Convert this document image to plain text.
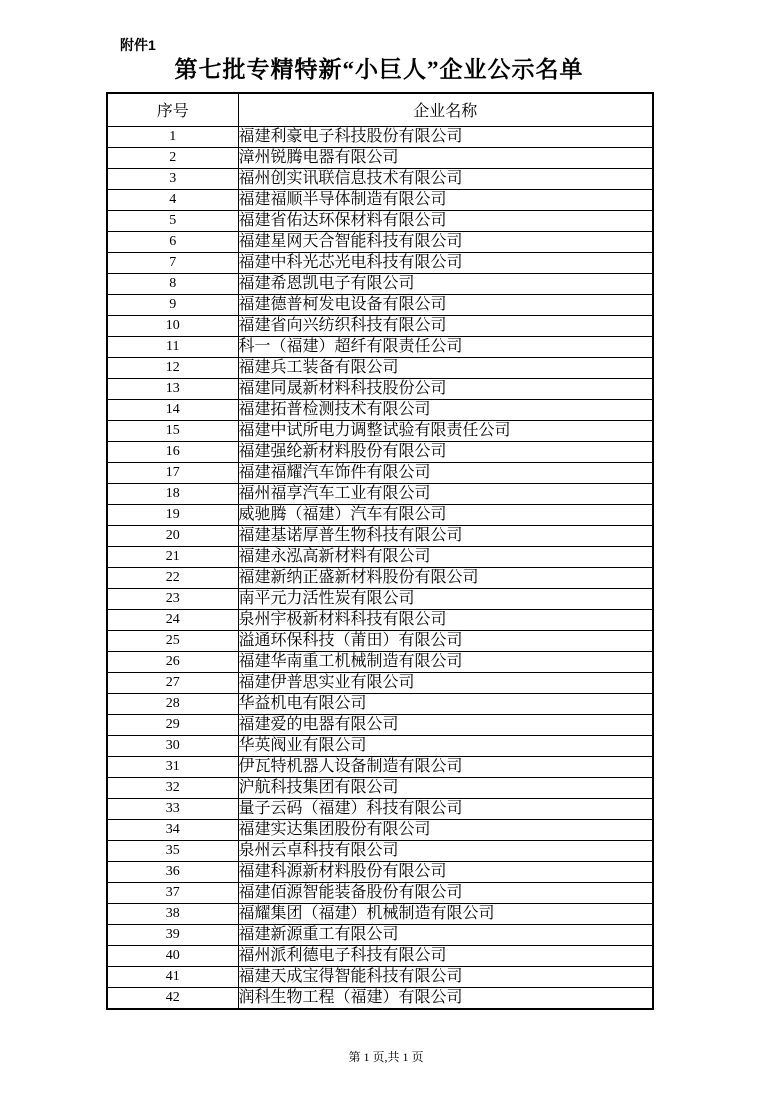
附件1
第七批专精特新“小巨人”企业公示名单
序号	企业名称
1	福建利豪电子科技股份有限公司
2	漳州锐腾电器有限公司
3	福州创实讯联信息技术有限公司
4	福建福顺半导体制造有限公司
5	福建省佑达环保材料有限公司
6	福建星网天合智能科技有限公司
7	福建中科光芯光电科技有限公司
8	福建希恩凯电子有限公司
9	福建德普柯发电设备有限公司
10	福建省向兴纺织科技有限公司
11	科一（福建）超纤有限责任公司
12	福建兵工装备有限公司
13	福建同晟新材料科技股份公司
14	福建拓普检测技术有限公司
15	福建中试所电力调整试验有限责任公司
16	福建强纶新材料股份有限公司
17	福建福耀汽车饰件有限公司
18	福州福享汽车工业有限公司
19	威驰腾（福建）汽车有限公司
20	福建基诺厚普生物科技有限公司
21	福建永泓高新材料有限公司
22	福建新纳正盛新材料股份有限公司
23	南平元力活性炭有限公司
24	泉州宇极新材料科技有限公司
25	溢通环保科技（莆田）有限公司
26	福建华南重工机械制造有限公司
27	福建伊普思实业有限公司
28	华益机电有限公司
29	福建爱的电器有限公司
30	华英阀业有限公司
31	伊瓦特机器人设备制造有限公司
32	沪航科技集团有限公司
33	量子云码（福建）科技有限公司
34	福建实达集团股份有限公司
35	泉州云卓科技有限公司
36	福建科源新材料股份有限公司
37	福建佰源智能装备股份有限公司
38	福耀集团（福建）机械制造有限公司
39	福建新源重工有限公司
40	福州派利德电子科技有限公司
41	福建天成宝得智能科技有限公司
42	润科生物工程（福建）有限公司
第 1 页,共 1 页
